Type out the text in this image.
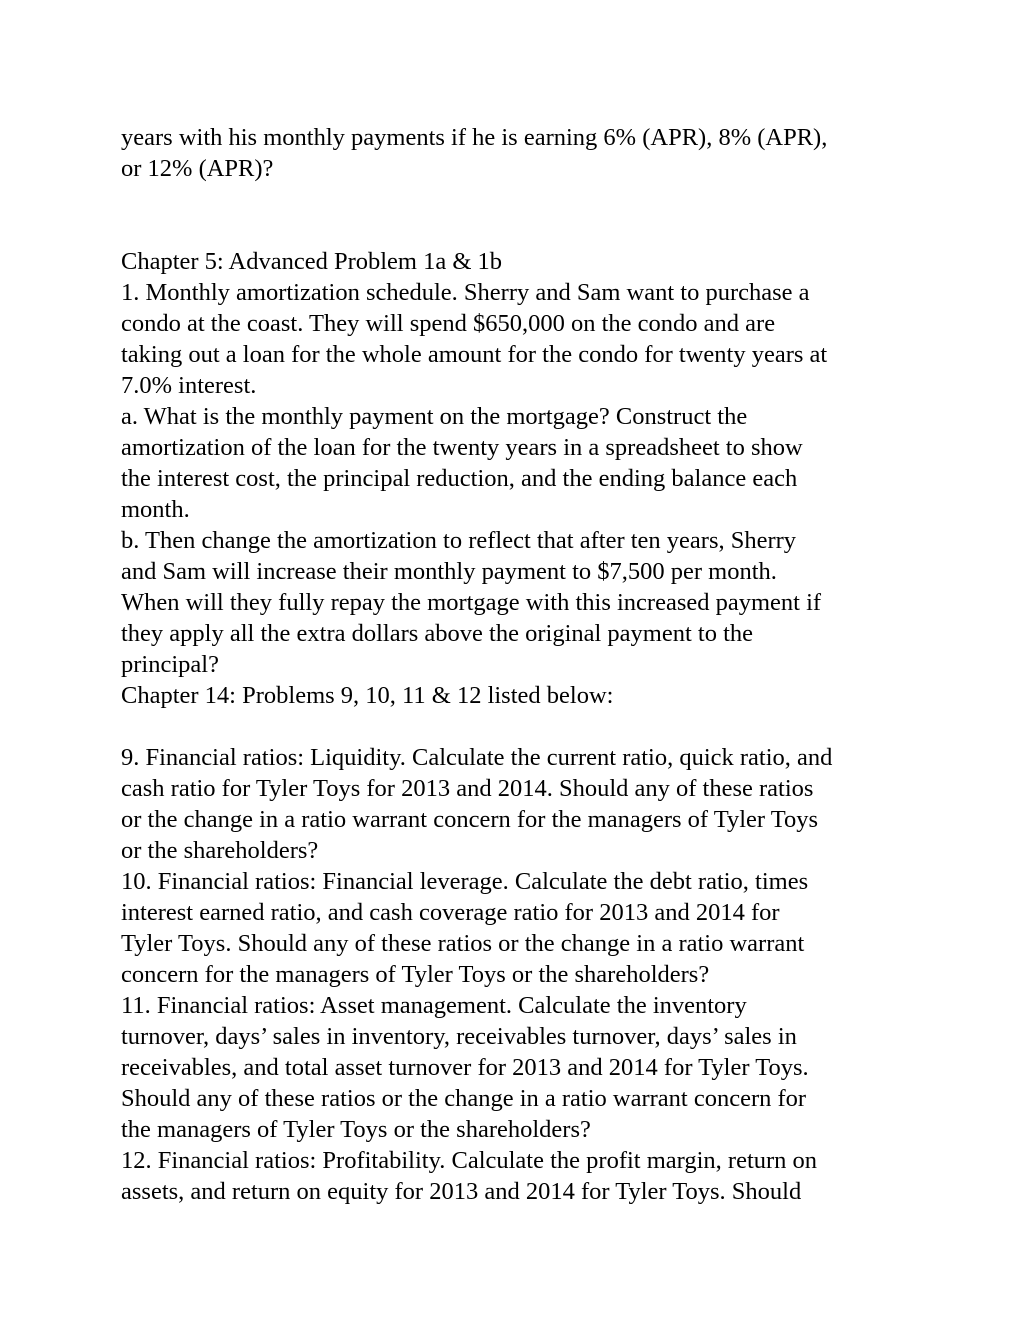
years with his monthly payments if he is earning 6% (APR), 8% (APR),
or 12% (APR)?
Chapter 5: Advanced Problem 1a & 1b
1. Monthly amortization schedule. Sherry and Sam want to purchase a
condo at the coast. They will spend $650,000 on the condo and are
taking out a loan for the whole amount for the condo for twenty years at
7.0% interest.
a. What is the monthly payment on the mortgage? Construct the
amortization of the loan for the twenty years in a spreadsheet to show
the interest cost, the principal reduction, and the ending balance each
month.
b. Then change the amortization to reflect that after ten years, Sherry
and Sam will increase their monthly payment to $7,500 per month.
When will they fully repay the mortgage with this increased payment if
they apply all the extra dollars above the original payment to the
principal?
Chapter 14: Problems 9, 10, 11 & 12 listed below:
9. Financial ratios: Liquidity. Calculate the current ratio, quick ratio, and
cash ratio for Tyler Toys for 2013 and 2014. Should any of these ratios
or the change in a ratio warrant concern for the managers of Tyler Toys
or the shareholders?
10. Financial ratios: Financial leverage. Calculate the debt ratio, times
interest earned ratio, and cash coverage ratio for 2013 and 2014 for
Tyler Toys. Should any of these ratios or the change in a ratio warrant
concern for the managers of Tyler Toys or the shareholders?
11. Financial ratios: Asset management. Calculate the inventory
turnover, days’ sales in inventory, receivables turnover, days’ sales in
receivables, and total asset turnover for 2013 and 2014 for Tyler Toys.
Should any of these ratios or the change in a ratio warrant concern for
the managers of Tyler Toys or the shareholders?
12. Financial ratios: Profitability. Calculate the profit margin, return on
assets, and return on equity for 2013 and 2014 for Tyler Toys. Should
